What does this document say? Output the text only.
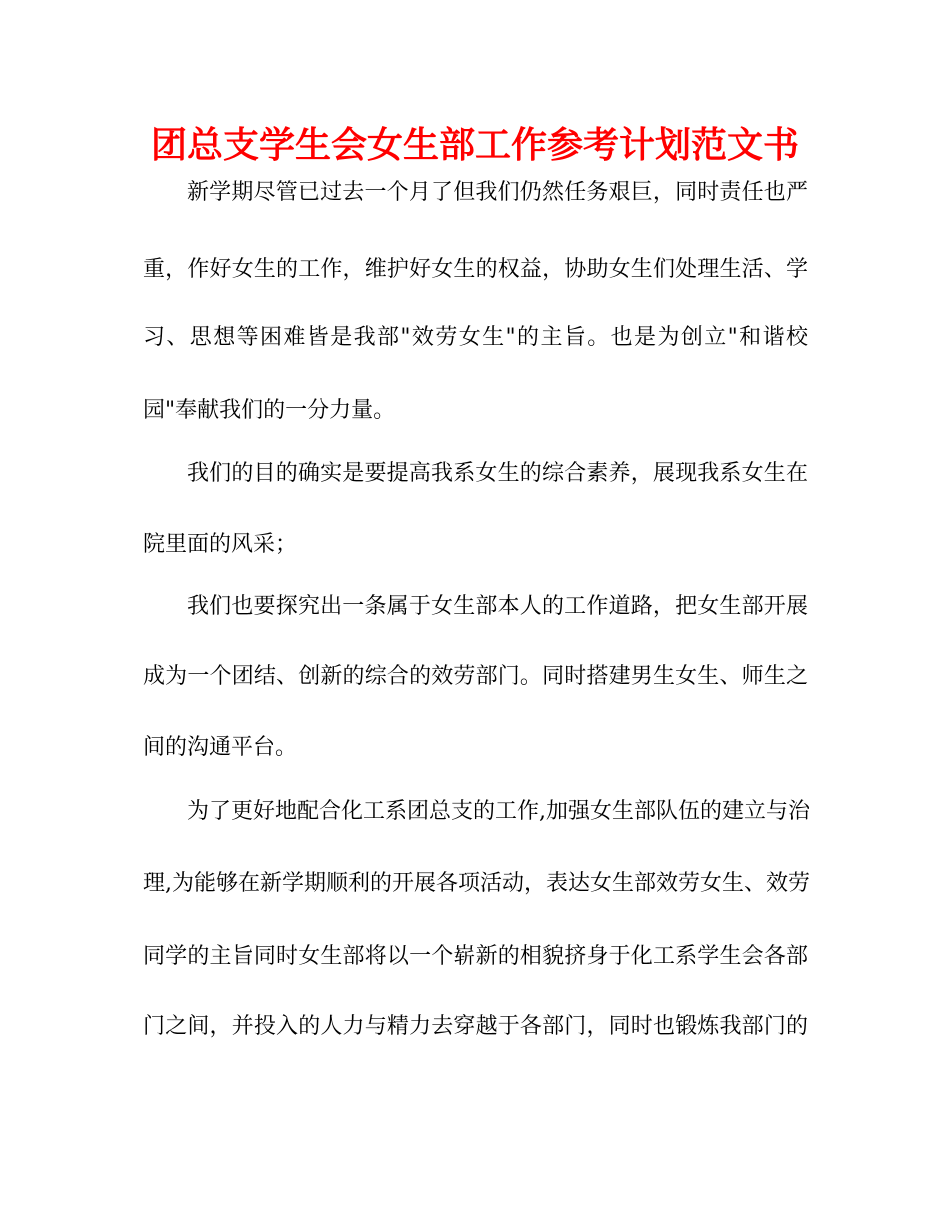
团总支学生会女生部工作参考计划范文书
新学期尽管已过去一个月了但我们仍然任务艰巨，同时责任也严
重，作好女生的工作，维护好女生的权益，协助女生们处理生活、学
习、思想等困难皆是我部"效劳女生"的主旨。也是为创立"和谐校
园"奉献我们的一分力量。
我们的目的确实是要提高我系女生的综合素养，展现我系女生在
院里面的风采；
我们也要探究出一条属于女生部本人的工作道路，把女生部开展
成为一个团结、创新的综合的效劳部门。同时搭建男生女生、师生之
间的沟通平台。
为了更好地配合化工系团总支的工作,加强女生部队伍的建立与治
理,为能够在新学期顺利的开展各项活动，表达女生部效劳女生、效劳
同学的主旨同时女生部将以一个崭新的相貌挤身于化工系学生会各部
门之间，并投入的人力与精力去穿越于各部门，同时也锻炼我部门的
